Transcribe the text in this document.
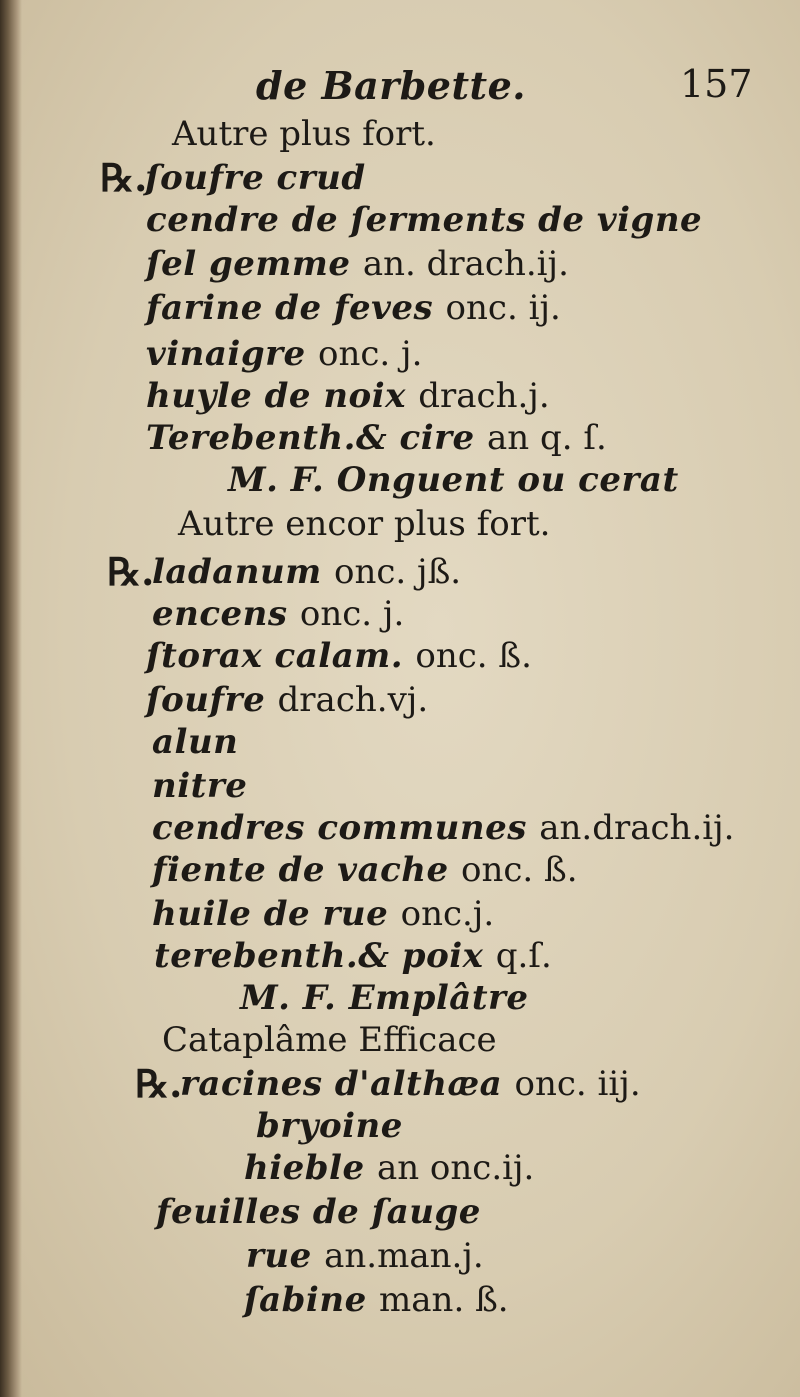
de Barbette.	157
Autre plus fort.
℞.
ſoufre crud
cendre de ſerments de vigne
ſel gemme an. drach.ij.
farine de feves onc. ij.
vinaigre onc. j.
huyle de noix drach.j.
Terebenth.& cire an q. ſ.
M. F. Onguent ou cerat
Autre encor plus fort.
℞.
ladanum onc. jß.
encens onc. j.
ſtorax calam. onc. ß.
ſoufre drach.vj.
alun
nitre
cendres communes an.drach.ij.
fiente de vache onc. ß.
huile de rue onc.j.
terebenth.& poix q.ſ.
M. F. Emplâtre
Cataplâme Efficace
℞.
racines d'althæa onc. iij.
bryoine
hieble an onc.ij.
feuilles de ſauge
rue an.man.j.
ſabine man. ß.
